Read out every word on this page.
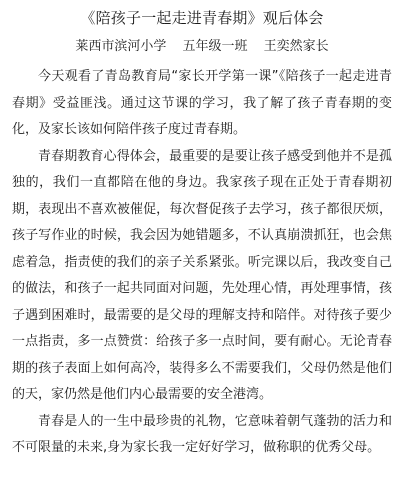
《陪孩子一起走进青春期》观后体会
莱西市滨河小学 五年级一班 王奕然家长

今天观看了青岛教育局“家长开学第一课”《陪孩子一起走进青春期》受益匪浅。通过这节课的学习，我了解了孩子青春期的变化，及家长该如何陪伴孩子度过青春期。

青春期教育心得体会，最重要的是要让孩子感受到他并不是孤独的，我们一直都陪在他的身边。我家孩子现在正处于青春期初期，表现出不喜欢被催促，每次督促孩子去学习，孩子都很厌烦，孩子写作业的时候，我会因为她错题多，不认真崩溃抓狂，也会焦虑着急，指责使的我们的亲子关系紧张。听完课以后，我改变自己的做法，和孩子一起共同面对问题，先处理心情，再处理事情，孩子遇到困难时，最需要的是父母的理解支持和陪伴。对待孩子要少一点指责，多一点赞赏：给孩子多一点时间，要有耐心。无论青春期的孩子表面上如何高冷，装得多么不需要我们，父母仍然是他们的天，家仍然是他们内心最需要的安全港湾。

青春是人的一生中最珍贵的礼物，它意味着朝气蓬勃的活力和不可限量的未来,身为家长我一定好好学习，做称职的优秀父母。
